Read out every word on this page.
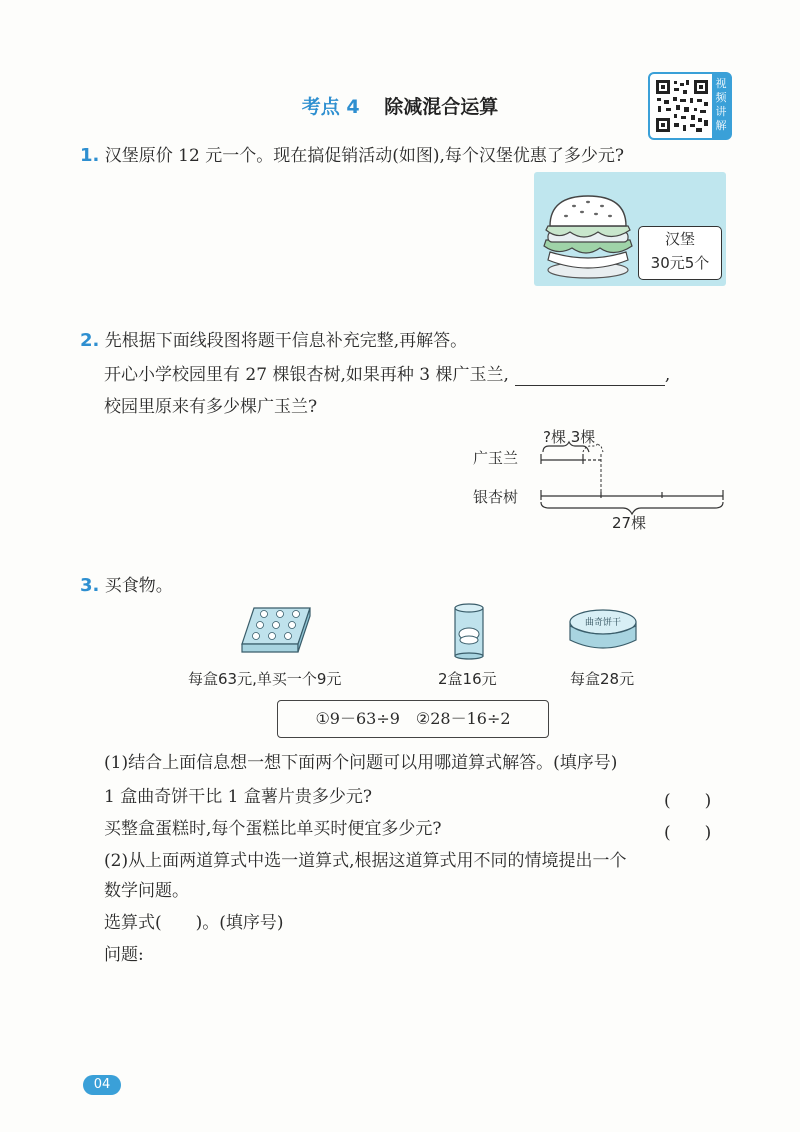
考点 4 除减混合运算
视
频
讲
解
1. 汉堡原价 12 元一个。现在搞促销活动(如图),每个汉堡优惠了多少元?
汉堡
30元5个
2. 先根据下面线段图将题干信息补充完整,再解答。
开心小学校园里有 27 棵银杏树,如果再种 3 棵广玉兰,	,
校园里原来有多少棵广玉兰?
?棵 3棵
广玉兰
银杏树
27棵
3. 买食物。
曲奇饼干
每盒63元,单买一个9元	2盒16元	每盒28元
①9－63÷9　②28－16÷2
(1)结合上面信息想一想下面两个问题可以用哪道算式解答。(填序号)
1 盒曲奇饼干比 1 盒薯片贵多少元?	(　　)
买整盒蛋糕时,每个蛋糕比单买时便宜多少元?	(　　)
(2)从上面两道算式中选一道算式,根据这道算式用不同的情境提出一个
数学问题。
选算式(　　)。(填序号)
问题:
04
